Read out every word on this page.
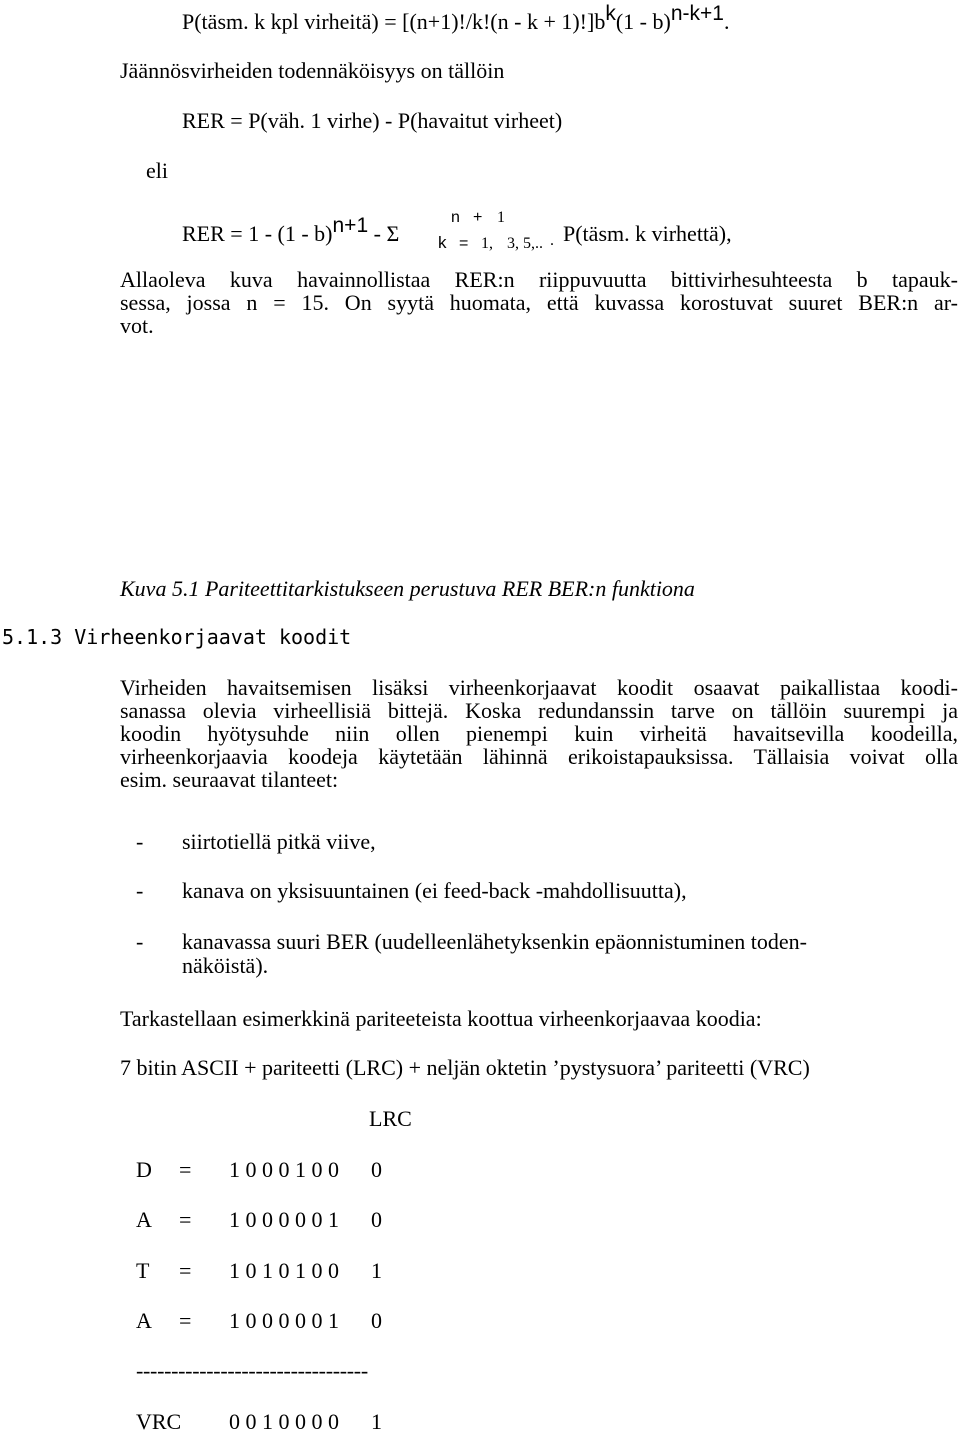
P(täsm. k kpl virheitä) = [(n+1)!/k!(n - k + 1)!]bk(1 - b)n-k+1.
Jäännösvirheiden todennäköisyys on tällöin
RER = P(väh. 1 virhe) - P(havaitut virheet)
eli
RER = 1 - (1 - b)n+1 - Σ k
n + 1
= 1, 3, 5,.. . P(täsm. k virhettä),
Allaoleva kuva havainnollistaa RER:n riippuvuutta bittivirhesuhteesta b tapauk-
sessa, jossa n = 15. On syytä huomata, että kuvassa korostuvat suuret BER:n ar-
vot.
Kuva 5.1 Pariteettitarkistukseen perustuva RER BER:n funktiona
5.1.3 Virheenkorjaavat koodit
Virheiden havaitsemisen lisäksi virheenkorjaavat koodit osaavat paikallistaa koodi-
sanassa olevia virheellisiä bittejä. Koska redundanssin tarve on tällöin suurempi ja
koodin hyötysuhde niin ollen pienempi kuin virheitä havaitsevilla koodeilla,
virheenkorjaavia koodeja käytetään lähinnä erikoistapauksissa. Tällaisia voivat olla
esim. seuraavat tilanteet:
- siirtotiellä pitkä viive,
- kanava on yksisuuntainen (ei feed-back -mahdollisuutta),
- kanavassa suuri BER (uudelleenlähetyksenkin epäonnistuminen toden-
näköistä).
Tarkastellaan esimerkkinä pariteeteista koottua virheenkorjaavaa koodia:
7 bitin ASCII + pariteetti (LRC) + neljän oktetin ’pystysuora’ pariteetti (VRC)
LRC
D = 1 0 0 0 1 0 0 0
A = 1 0 0 0 0 0 1 0
T = 1 0 1 0 1 0 0 1
A = 1 0 0 0 0 0 1 0
---------------------------------
VRC 0 0 1 0 0 0 0 1
